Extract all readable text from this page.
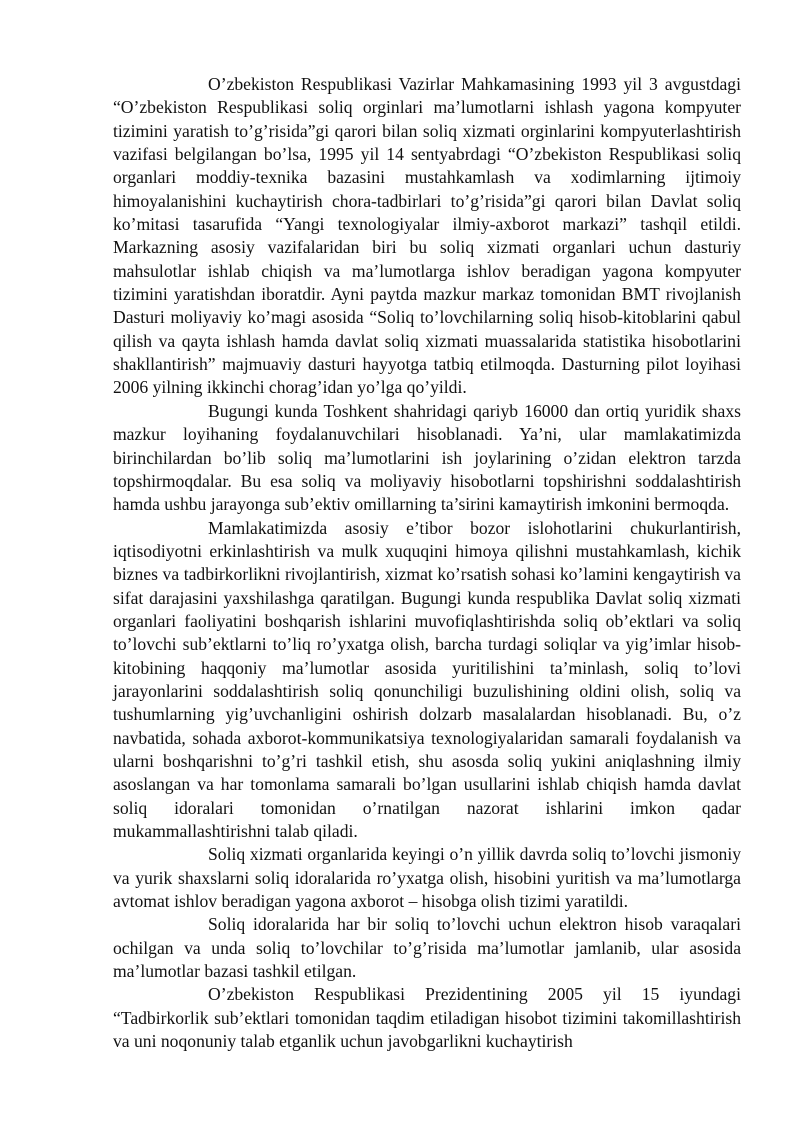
O’zbekiston Respublikasi Vazirlar Mahkamasining 1993 yil 3 avgustdagi “O’zbekiston Respublikasi soliq orginlari ma’lumotlarni ishlash yagona kompyuter tizimini yaratish to’g’risida”gi qarori bilan soliq xizmati orginlarini kompyuterlashtirish vazifasi belgilangan bo’lsa, 1995 yil 14 sentyabrdagi “O’zbekiston Respublikasi soliq organlari moddiy-texnika bazasini mustahkamlash va xodimlarning ijtimoiy himoyalanishini kuchaytirish chora-tadbirlari to’g’risida”gi qarori bilan Davlat soliq ko’mitasi tasarufida “Yangi texnologiyalar ilmiy-axborot markazi” tashqil etildi. Markazning asosiy vazifalaridan biri bu soliq xizmati organlari uchun dasturiy mahsulotlar ishlab chiqish va ma’lumotlarga ishlov beradigan yagona kompyuter tizimini yaratishdan iboratdir. Ayni paytda mazkur markaz tomonidan BMT rivojlanish Dasturi moliyaviy ko’magi asosida “Soliq to’lovchilarning soliq hisob-kitoblarini qabul qilish va qayta ishlash hamda davlat soliq xizmati muassalarida statistika hisobotlarini shakllantirish” majmuaviy dasturi hayyotga tatbiq etilmoqda. Dasturning pilot loyihasi 2006 yilning ikkinchi chorag’idan yo’lga qo’yildi.

Bugungi kunda Toshkent shahridagi qariyb 16000 dan ortiq yuridik shaxs mazkur loyihaning foydalanuvchilari hisoblanadi. Ya’ni, ular mamlakatimizda birinchilardan bo’lib soliq ma’lumotlarini ish joylarining o’zidan elektron tarzda topshirmoqdalar. Bu esa soliq va moliyaviy hisobotlarni topshirishni soddalashtirish hamda ushbu jarayonga sub’ektiv omillarning ta’sirini kamaytirish imkonini bermoqda.

Mamlakatimizda asosiy e’tibor bozor islohotlarini chukurlantirish, iqtisodiyotni erkinlashtirish va mulk xuquqini himoya qilishni mustahkamlash, kichik biznes va tadbirkorlikni rivojlantirish, xizmat ko’rsatish sohasi ko’lamini kengaytirish va sifat darajasini yaxshilashga qaratilgan. Bugungi kunda respublika Davlat soliq xizmati organlari faoliyatini boshqarish ishlarini muvofiqlashtirishda soliq ob’ektlari va soliq to’lovchi sub’ektlarni to’liq ro’yxatga olish, barcha turdagi soliqlar va yig’imlar hisob-kitobining haqqoniy ma’lumotlar asosida yuritilishini ta’minlash, soliq to’lovi jarayonlarini soddalashtirish soliq qonunchiligi buzulishining oldini olish, soliq va tushumlarning yig’uvchanligini oshirish dolzarb masalalardan hisoblanadi. Bu, o’z navbatida, sohada axborot-kommunikatsiya texnologiyalaridan samarali foydalanish va ularni boshqarishni to’g’ri tashkil etish, shu asosda soliq yukini aniqlashning ilmiy asoslangan va har tomonlama samarali bo’lgan usullarini ishlab chiqish hamda davlat soliq idoralari tomonidan o’rnatilgan nazorat ishlarini imkon qadar mukammallashtirishni talab qiladi.

Soliq xizmati organlarida keyingi o’n yillik davrda soliq to’lovchi jismoniy va yurik shaxslarni soliq idoralarida ro’yxatga olish, hisobini yuritish va ma’lumotlarga avtomat ishlov beradigan yagona axborot – hisobga olish tizimi yaratildi.

Soliq idoralarida har bir soliq to’lovchi uchun elektron hisob varaqalari ochilgan va unda soliq to’lovchilar to’g’risida ma’lumotlar jamlanib, ular asosida ma’lumotlar bazasi tashkil etilgan.

O’zbekiston Respublikasi Prezidentining 2005 yil 15 iyundagi “Tadbirkorlik sub’ektlari tomonidan taqdim etiladigan hisobot tizimini takomillashtirish va uni noqonuniy talab etganlik uchun javobgarlikni kuchaytirish
